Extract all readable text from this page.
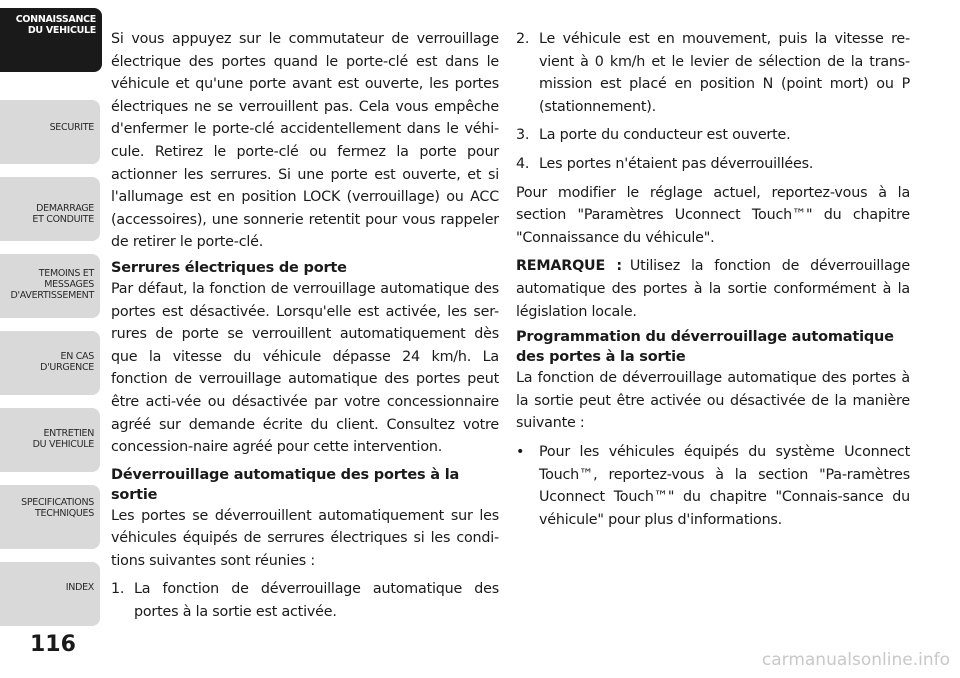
CONNAISSANCE
DU VEHICULE
SECURITE
DEMARRAGE
ET CONDUITE
TEMOINS ET
MESSAGES
D'AVERTISSEMENT
EN CAS
D'URGENCE
ENTRETIEN
DU VEHICULE
SPECIFICATIONS
TECHNIQUES
INDEX
116

Si vous appuyez sur le commutateur de verrouillage électrique des portes quand le porte-clé est dans le véhicule et qu'une porte avant est ouverte, les portes électriques ne se verrouillent pas. Cela vous empêche d'enfermer le porte-clé accidentellement dans le véhi-cule. Retirez le porte-clé ou fermez la porte pour actionner les serrures. Si une porte est ouverte, et si l'allumage est en position LOCK (verrouillage) ou ACC (accessoires), une sonnerie retentit pour vous rappeler de retirer le porte-clé.

Serrures électriques de porte

Par défaut, la fonction de verrouillage automatique des portes est désactivée. Lorsqu'elle est activée, les ser-rures de porte se verrouillent automatiquement dès que la vitesse du véhicule dépasse 24 km/h. La fonction de verrouillage automatique des portes peut être acti-vée ou désactivée par votre concessionnaire agréé sur demande écrite du client. Consultez votre concession-naire agréé pour cette intervention.

Déverrouillage automatique des portes à la sortie

Les portes se déverrouillent automatiquement sur les véhicules équipés de serrures électriques si les condi-tions suivantes sont réunies :

1. La fonction de déverrouillage automatique des portes à la sortie est activée.
2. Le véhicule est en mouvement, puis la vitesse re-vient à 0 km/h et le levier de sélection de la trans-mission est placé en position N (point mort) ou P (stationnement).
3. La porte du conducteur est ouverte.
4. Les portes n'étaient pas déverrouillées.

Pour modifier le réglage actuel, reportez-vous à la section "Paramètres Uconnect Touch™" du chapitre "Connaissance du véhicule".

REMARQUE : Utilisez la fonction de déverrouillage automatique des portes à la sortie conformément à la législation locale.

Programmation du déverrouillage automatique des portes à la sortie

La fonction de déverrouillage automatique des portes à la sortie peut être activée ou désactivée de la manière suivante :

• Pour les véhicules équipés du système Uconnect Touch™, reportez-vous à la section "Pa-ramètres Uconnect Touch™" du chapitre "Connais-sance du véhicule" pour plus d'informations.
carmanualsonline.info
